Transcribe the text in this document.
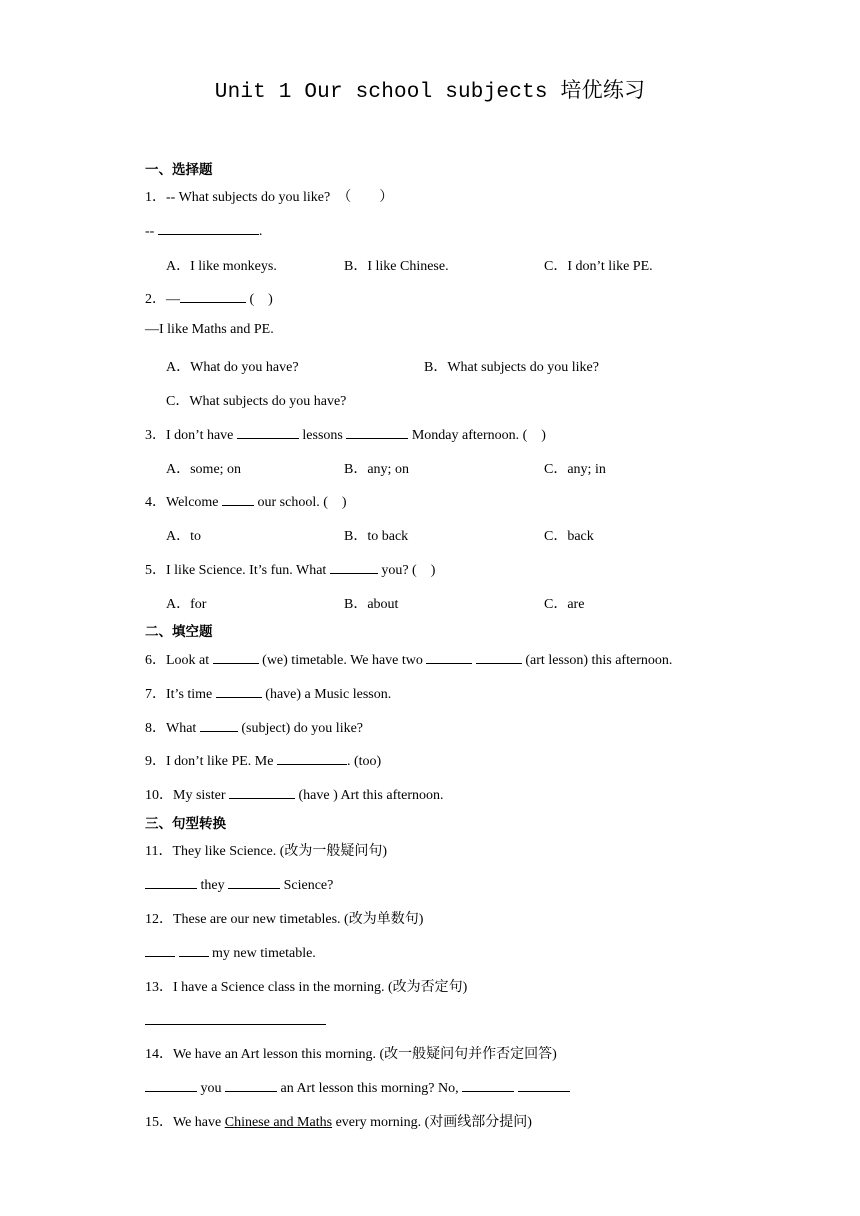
Unit 1 Our school subjects 培优练习
一、选择题
1．-- What subjects do you like?　（　　）
--	.
A．I like monkeys.	B．I like Chinese.	C．I don’t like PE.
2．—	(　)
—I like Maths and PE.
A．What do you have?	B．What subjects do you like?
C．What subjects do you have?
3．I don’t have	lessons	Monday afternoon. (　)
A．some; on	B．any; on	C．any; in
4．Welcome  our school. (　)
A．to	B．to back	C．back
5．I like Science. It’s fun. What	you? (　)
A．for	B．about	C．are
二、填空题
6．Look at	(we) timetable. We have two	(art lesson) this afternoon.
7．It’s time	(have) a Music lesson.
8．What	(subject) do you like?
9．I don’t like PE. Me	. (too)
10．My sister	(have ) Art this afternoon.
三、句型转换
11．They like Science. (改为一般疑问句)
they	Science?
12．These are our new timetables. (改为单数句)
my new timetable.
13．I have a Science class in the morning. (改为否定句)
14．We have an Art lesson this morning. (改一般疑问句并作否定回答)
you	an Art lesson this morning? No,
15．We have Chinese and Maths every morning. (对画线部分提问)
